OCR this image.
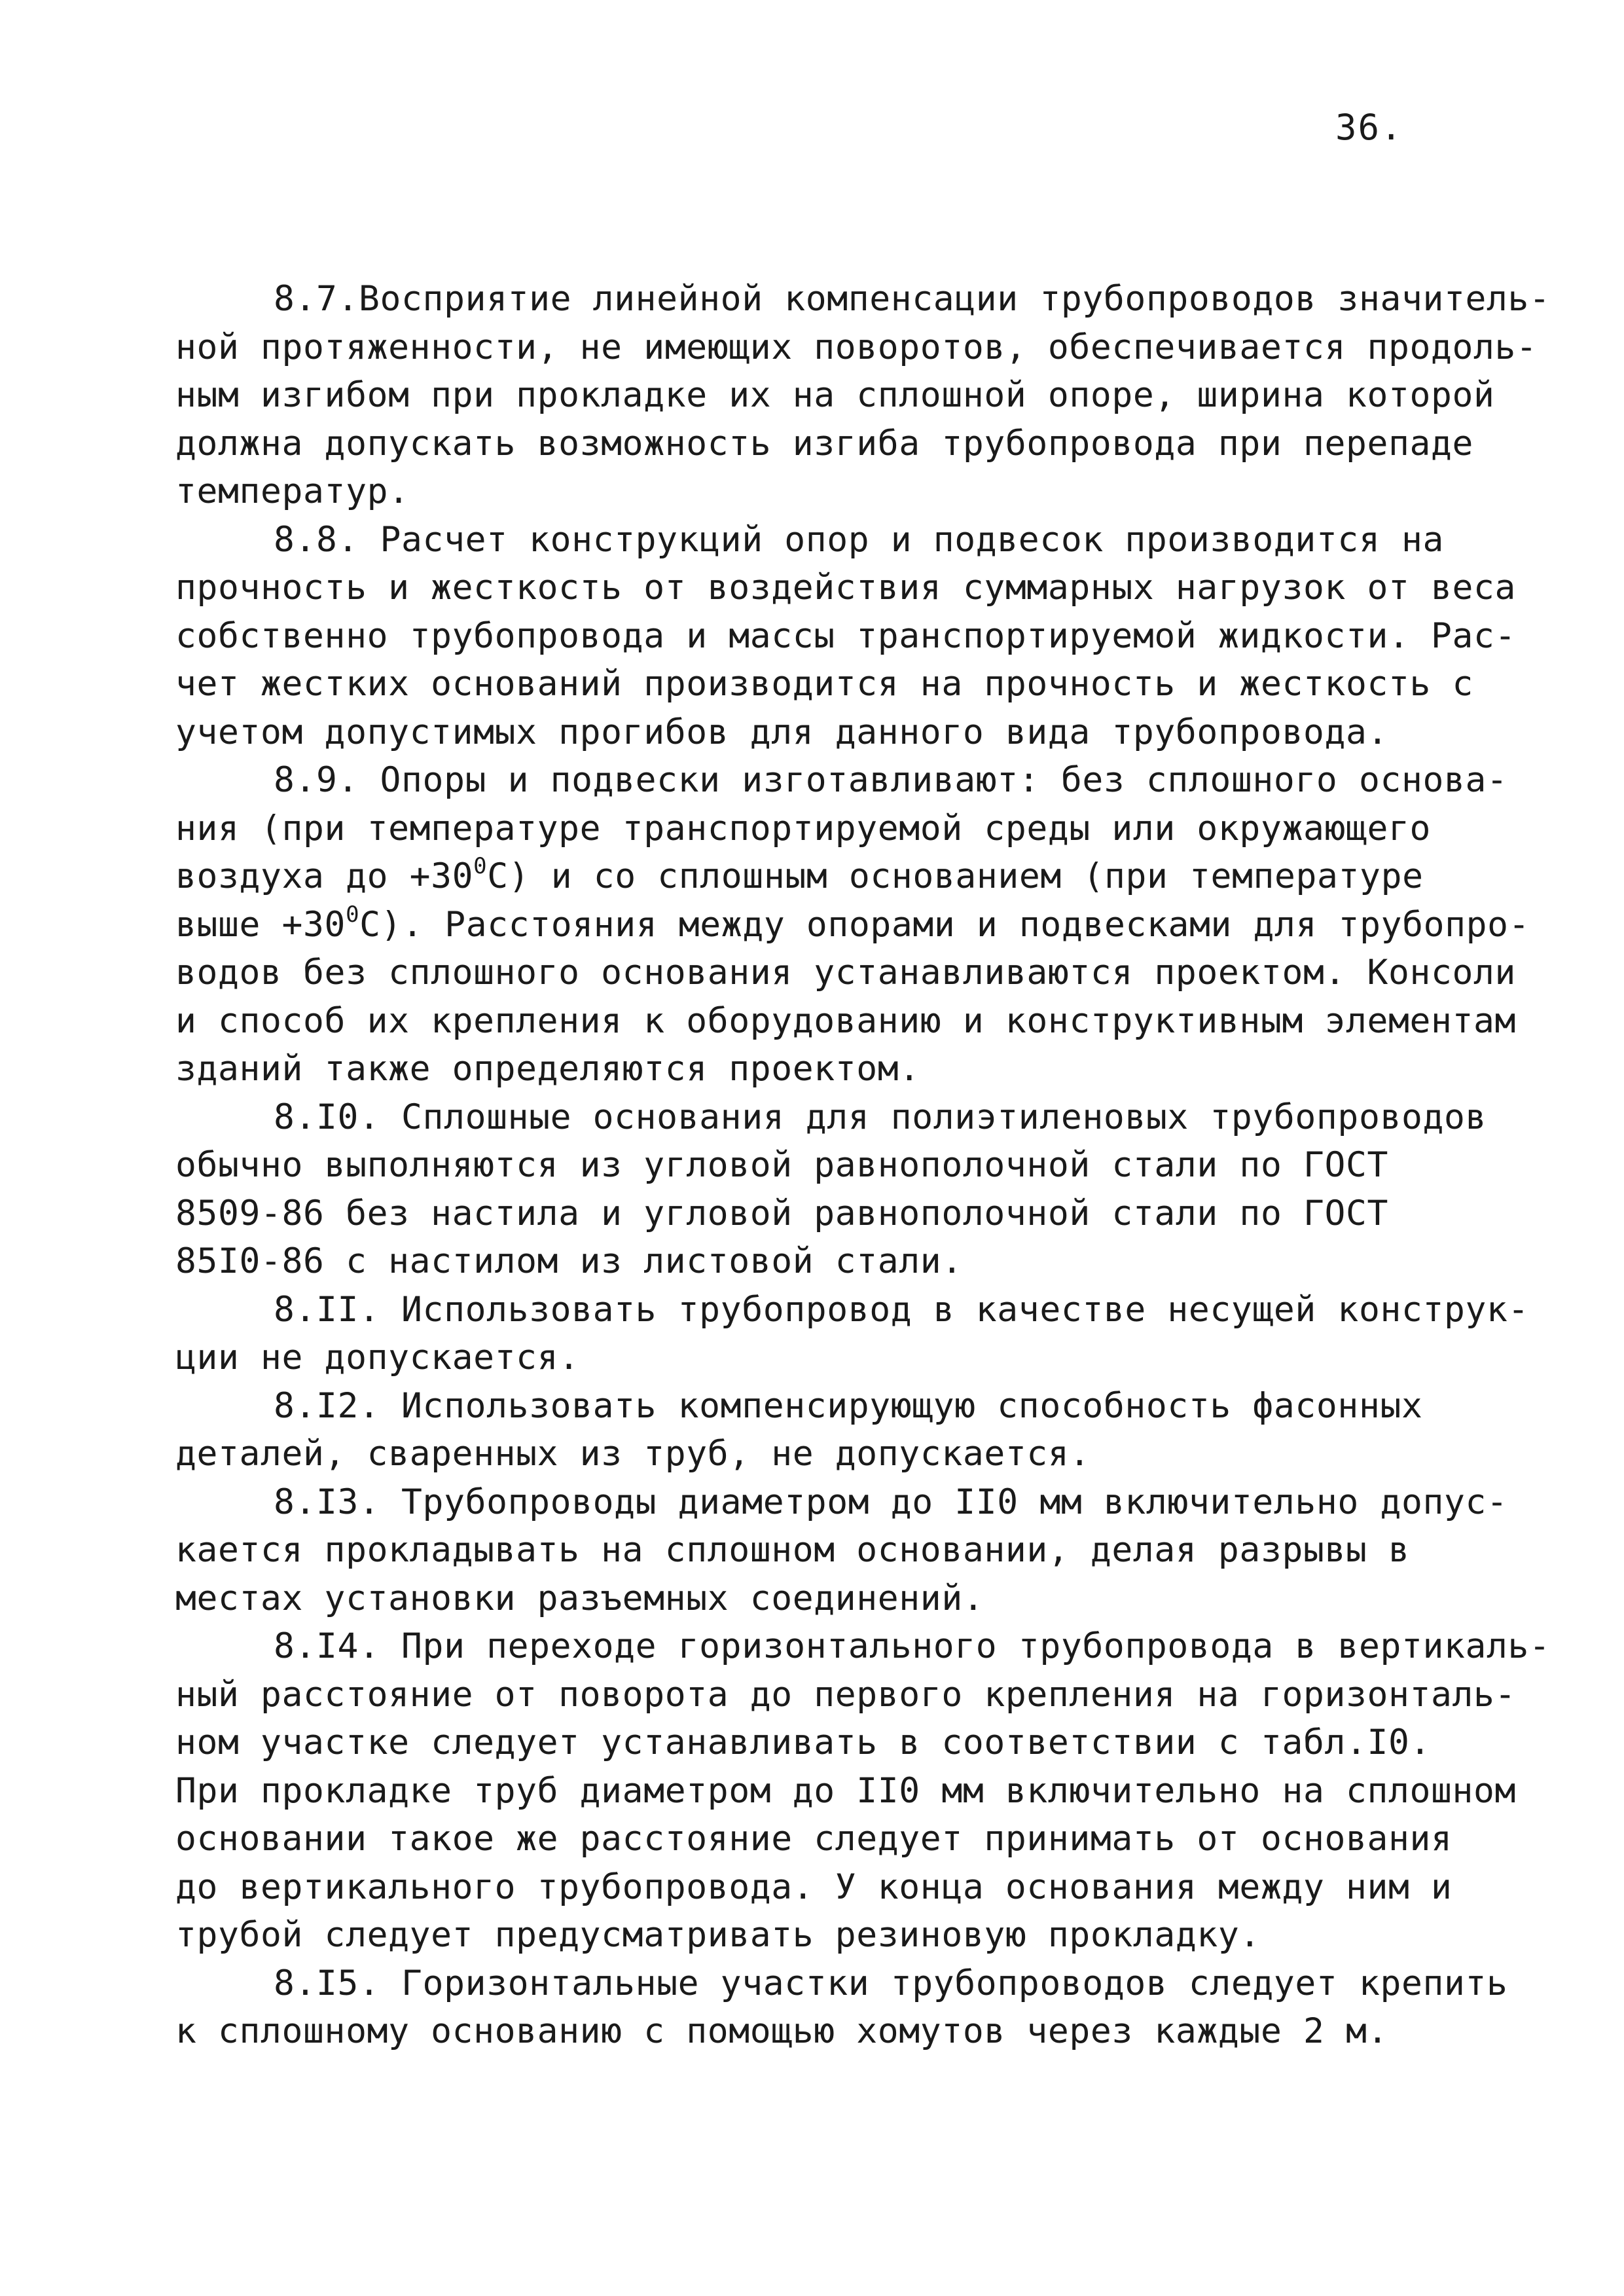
36.

8.7.Восприятие линейной компенсации трубопроводов значитель-
ной протяженности, не имеющих поворотов, обеспечивается продоль-
ным изгибом при прокладке их на сплошной опоре, ширина которой
должна допускать возможность изгиба трубопровода при перепаде
температур.

8.8. Расчет конструкций опор и подвесок производится на
прочность и жесткость от воздействия суммарных нагрузок от веса
собственно трубопровода и массы транспортируемой жидкости. Рас-
чет жестких оснований производится на прочность и жесткость с
учетом допустимых прогибов для данного вида трубопровода.

8.9. Опоры и подвески изготавливают: без сплошного основа-
ния (при температуре транспортируемой среды или окружающего
воздуха до $+30^0С$) и со сплошным основанием (при температуре
выше $+30^0С$). Расстояния между опорами и подвесками для трубопро-
водов без сплошного основания устанавливаются проектом. Консоли
и способ их крепления к оборудованию и конструктивным элементам
зданий также определяются проектом.

8.I0. Сплошные основания для полиэтиленовых трубопроводов
обычно выполняются из угловой равнополочной стали по ГОСТ
8509-86 без настила и угловой равнополочной стали по ГОСТ
85I0-86 с настилом из листовой стали.

8.II. Использовать трубопровод в качестве несущей конструк-
ции не допускается.

8.I2. Использовать компенсирующую способность фасонных
деталей, сваренных из труб, не допускается.

8.I3. Трубопроводы диаметром до II0 мм включительно допус-
кается прокладывать на сплошном основании, делая разрывы в
местах установки разъемных соединений.

8.I4. При переходе горизонтального трубопровода в вертикаль-
ный расстояние от поворота до первого крепления на горизонталь-
ном участке следует устанавливать в соответствии с табл.I0.
При прокладке труб диаметром до II0 мм включительно на сплошном
основании такое же расстояние следует принимать от основания
до вертикального трубопровода. У конца основания между ним и
трубой следует предусматривать резиновую прокладку.

8.I5. Горизонтальные участки трубопроводов следует крепить
к сплошному основанию с помощью хомутов через каждые 2 м.
